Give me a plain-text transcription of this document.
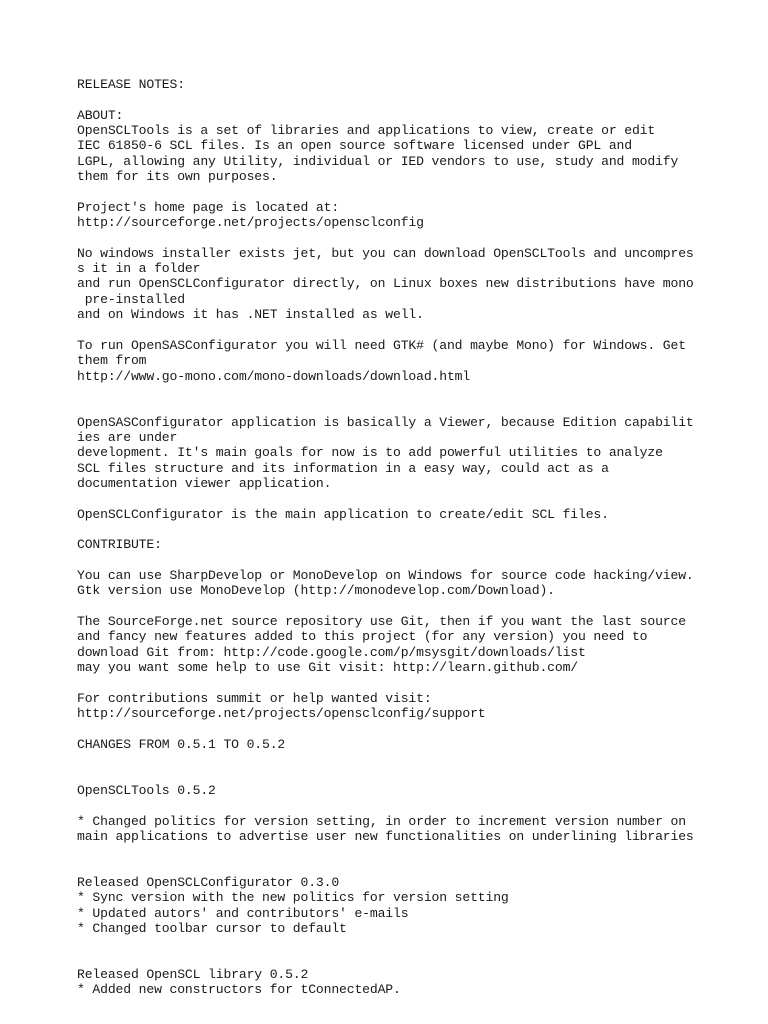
RELEASE NOTES:
ABOUT:
OpenSCLTools is a set of libraries and applications to view, create or edit
IEC 61850-6 SCL files. Is an open source software licensed under GPL and
LGPL, allowing any Utility, individual or IED vendors to use, study and modify
them for its own purposes.
Project's home page is located at:
http://sourceforge.net/projects/opensclconfig
No windows installer exists jet, but you can download OpenSCLTools and uncompres
s it in a folder
and run OpenSCLConfigurator directly, on Linux boxes new distributions have mono
pre-installed
and on Windows it has .NET installed as well.
To run OpenSASConfigurator you will need GTK# (and maybe Mono) for Windows. Get
them from
http://www.go-mono.com/mono-downloads/download.html
OpenSASConfigurator application is basically a Viewer, because Edition capabilit
ies are under
development. It's main goals for now is to add powerful utilities to analyze
SCL files structure and its information in a easy way, could act as a
documentation viewer application.
OpenSCLConfigurator is the main application to create/edit SCL files.
CONTRIBUTE:
You can use SharpDevelop or MonoDevelop on Windows for source code hacking/view.
Gtk version use MonoDevelop (http://monodevelop.com/Download).
The SourceForge.net source repository use Git, then if you want the last source
and fancy new features added to this project (for any version) you need to
download Git from: http://code.google.com/p/msysgit/downloads/list
may you want some help to use Git visit: http://learn.github.com/
For contributions summit or help wanted visit:
http://sourceforge.net/projects/opensclconfig/support
CHANGES FROM 0.5.1 TO 0.5.2
OpenSCLTools 0.5.2
* Changed politics for version setting, in order to increment version number on
main applications to advertise user new functionalities on underlining libraries
Released OpenSCLConfigurator 0.3.0
* Sync version with the new politics for version setting
* Updated autors' and contributors' e-mails
* Changed toolbar cursor to default
Released OpenSCL library 0.5.2
* Added new constructors for tConnectedAP.
